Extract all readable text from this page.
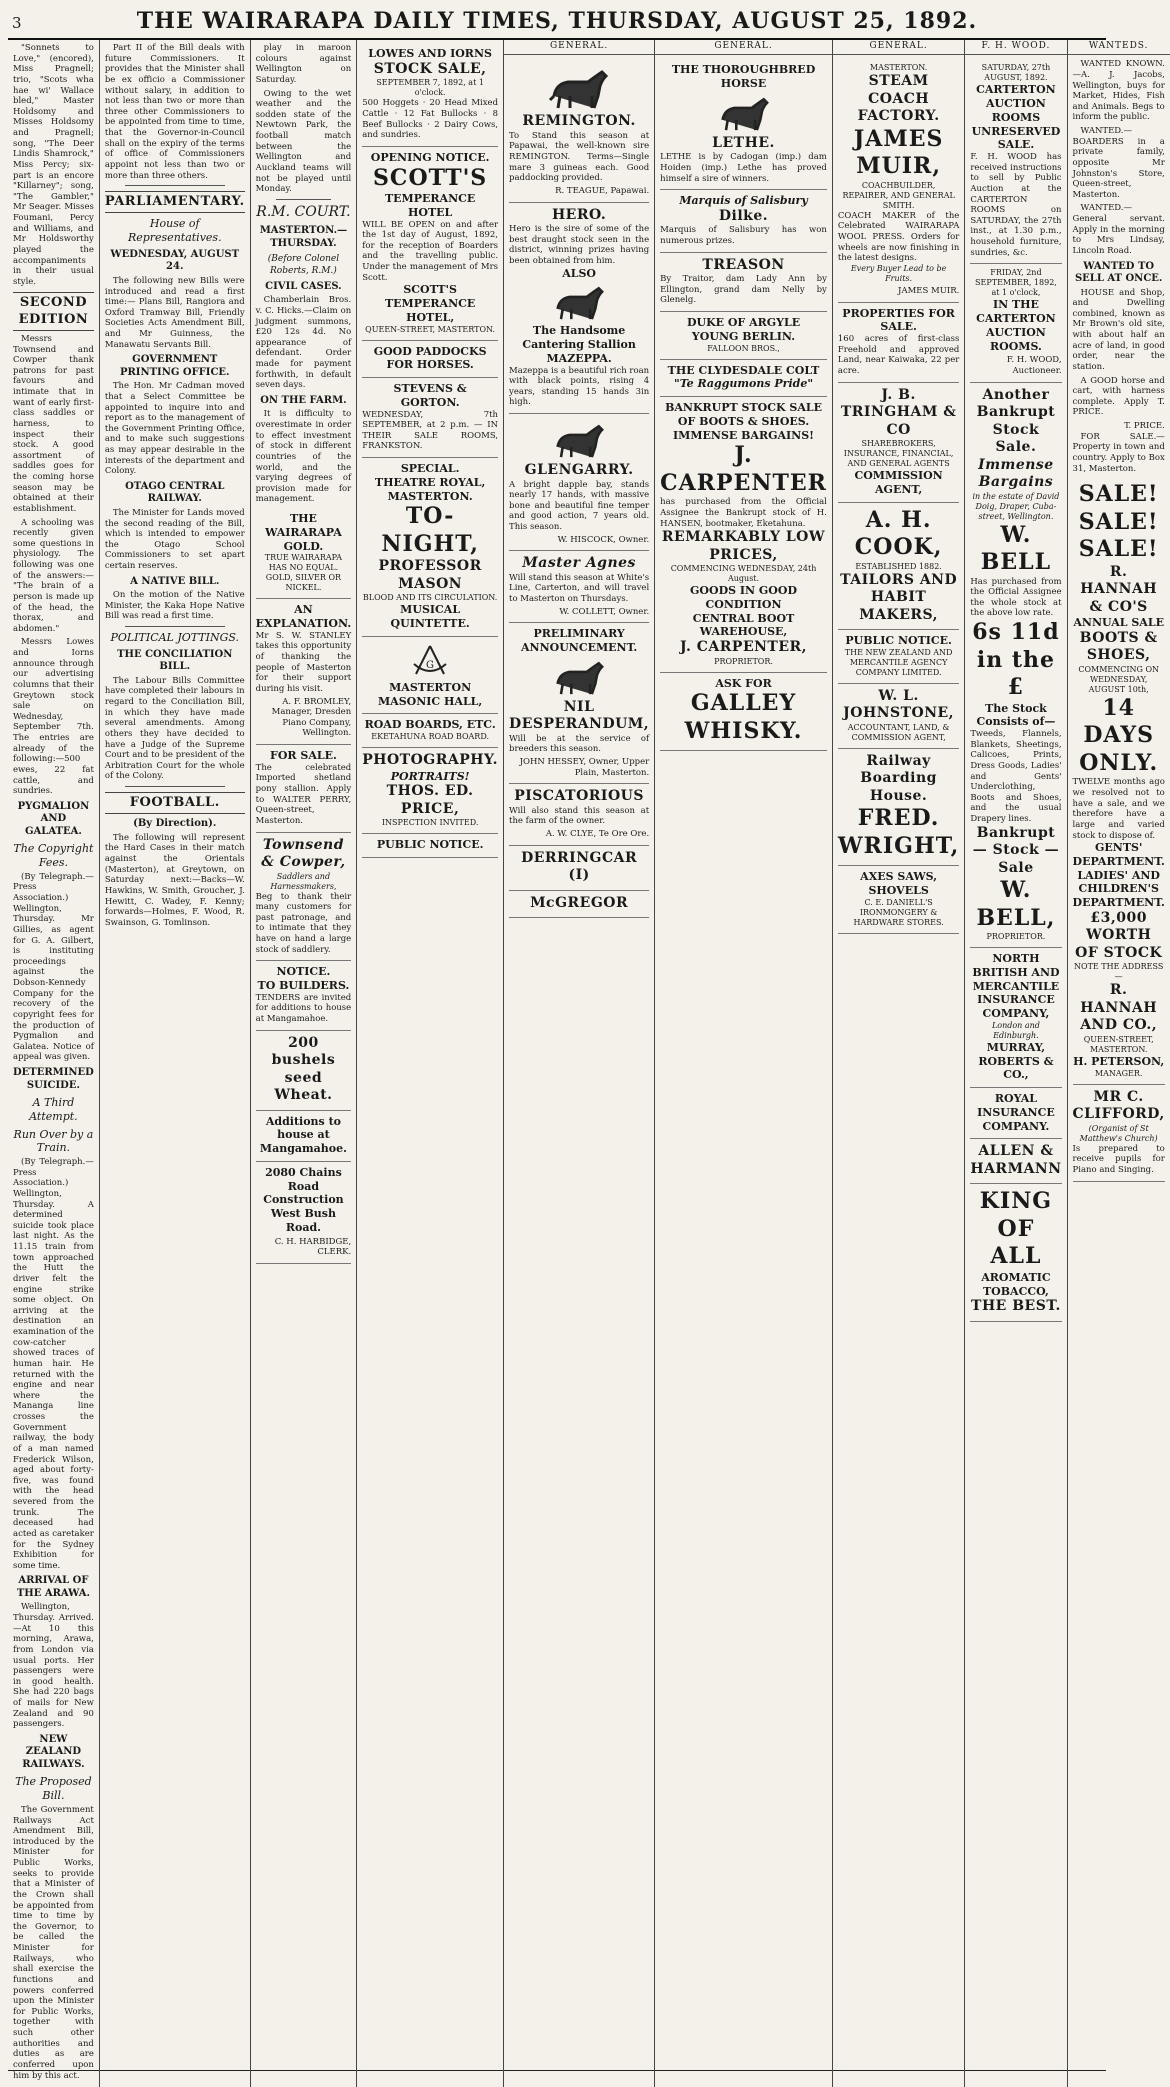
3	THE WAIRARAPA DAILY TIMES, THURSDAY, AUGUST 25, 1892.

"Sonnets to Love," (encored), Miss Pragnell; trio, "Scots wha hae wi' Wallace bled," Master Holdsomy and Misses Holdsomy and Pragnell; song, "The Deer Lindis Shamrock," Miss Percy; six-part is an encore "Killarney"; song, "The Gambler," Mr Seager. Misses Foumani, Percy and Williams, and Mr Holdsworthy played the accompaniments in their usual style.

SECOND EDITION

Messrs Townsend and Cowper thank patrons for past favours and intimate that in want of early first-class saddles or harness, to inspect their stock. A good assortment of saddles goes for the coming horse season may be obtained at their establishment.

A schooling was recently given some questions in physiology. The following was one of the answers:— "The brain of a person is made up of the head, the thorax, and abdomen."

Messrs Lowes and Iorns announce through our advertising columns that their Greytown stock sale on Wednesday, September 7th. The entries are already of the following:—500 ewes, 22 fat cattle, and sundries.

PYGMALION AND GALATEA.
The Copyright Fees.

(By Telegraph.—Press Association.) Wellington, Thursday. Mr Gillies, as agent for G. A. Gilbert, is instituting proceedings against the Dobson-Kennedy Company for the recovery of the copyright fees for the production of Pygmalion and Galatea. Notice of appeal was given.

DETERMINED SUICIDE.
A Third Attempt.
Run Over by a Train.

(By Telegraph.—Press Association.) Wellington, Thursday. A determined suicide took place last night. As the 11.15 train from town approached the Hutt the driver felt the engine strike some object. On arriving at the destination an examination of the cow-catcher showed traces of human hair. He returned with the engine and near where the Mananga line crosses the Government railway, the body of a man named Frederick Wilson, aged about forty-five, was found with the head severed from the trunk. The deceased had acted as caretaker for the Sydney Exhibition for some time.

ARRIVAL OF THE ARAWA.

Wellington, Thursday. Arrived.—At 10 this morning, Arawa, from London via usual ports. Her passengers were in good health. She had 220 bags of mails for New Zealand and 90 passengers.

NEW ZEALAND RAILWAYS.
The Proposed Bill.

The Government Railways Act Amendment Bill, introduced by the Minister for Public Works, seeks to provide that a Minister of the Crown shall be appointed from time to time by the Governor, to be called the Minister for Railways, who shall exercise the functions and powers conferred upon the Minister for Public Works, together with such other authorities and duties as are conferred upon him by this act.

Part II of the Bill deals with future Commissioners. It provides that the Minister shall be ex officio a Commissioner without salary, in addition to not less than two or more than three other Commissioners to be appointed from time to time, that the Governor-in-Council shall on the expiry of the terms of office of Commissioners appoint not less than two or more than three others.

PARLIAMENTARY.
House of Representatives.
WEDNESDAY, AUGUST 24.

The following new Bills were introduced and read a first time:— Plans Bill, Rangiora and Oxford Tramway Bill, Friendly Societies Acts Amendment Bill, and Mr Guinness, the Manawatu Servants Bill.

GOVERNMENT PRINTING OFFICE.

The Hon. Mr Cadman moved that a Select Committee be appointed to inquire into and report as to the management of the Government Printing Office, and to make such suggestions as may appear desirable in the interests of the department and Colony.

OTAGO CENTRAL RAILWAY.

The Minister for Lands moved the second reading of the Bill, which is intended to empower the Otago School Commissioners to set apart certain reserves.

A NATIVE BILL.

On the motion of the Native Minister, the Kaka Hope Native Bill was read a first time.

POLITICAL JOTTINGS.
THE CONCILIATION BILL.

The Labour Bills Committee have completed their labours in regard to the Conciliation Bill, in which they have made several amendments. Among others they have decided to have a Judge of the Supreme Court and to be president of the Arbitration Court for the whole of the Colony.

FOOTBALL.
(By Direction).

The following will represent the Hard Cases in their match against the Orientals (Masterton), at Greytown, on Saturday next:—Backs—W. Hawkins, W. Smith, Groucher, J. Hewitt, C. Wadey, F. Kenny; forwards—Holmes, F. Wood, R. Swainson, G. Tomlinson.

play in maroon colours against Wellington on Saturday.

Owing to the wet weather and the sodden state of the Newtown Park, the football match between the Wellington and Auckland teams will not be played until Monday.

R.M. COURT.
MASTERTON.—THURSDAY.
(Before Colonel Roberts, R.M.)
CIVIL CASES.

Chamberlain Bros. v. C. Hicks.—Claim on judgment summons, £20 12s 4d. No appearance of defendant. Order made for payment forthwith, in default seven days.

ON THE FARM.

It is difficulty to overestimate in order to effect investment of stock in different countries of the world, and the varying degrees of provision made for management.

THE WAIRARAPA GOLD.
TRUE WAIRARAPA HAS NO EQUAL. GOLD, SILVER OR NICKEL.
AN EXPLANATION.
Mr S. W. STANLEY takes this opportunity of thanking the people of Masterton for their support during his visit.
A. F. BROMLEY, Manager, Dresden Piano Company, Wellington.
FOR SALE.
The celebrated Imported shetland pony stallion. Apply to WALTER PERRY, Queen-street, Masterton.
Townsend & Cowper,
Saddlers and Harnessmakers,
Beg to thank their many customers for past patronage, and to intimate that they have on hand a large stock of saddlery.
NOTICE.
TO BUILDERS.
TENDERS are invited for additions to house at Mangamahoe.
200 bushels seed Wheat.
Additions to house at Mangamahoe.
2080 Chains Road Construction West Bush Road.
C. H. HARBIDGE, CLERK.
LOWES AND IORNS
STOCK SALE,
SEPTEMBER 7, 1892, at 1 o'clock.
500 Hoggets · 20 Head Mixed Cattle · 12 Fat Bullocks · 8 Beef Bullocks · 2 Dairy Cows, and sundries.
OPENING NOTICE.
SCOTT'S
TEMPERANCE HOTEL
WILL BE OPEN on and after the 1st day of August, 1892, for the reception of Boarders and the travelling public. Under the management of Mrs Scott.
SCOTT'S TEMPERANCE HOTEL,
QUEEN-STREET, MASTERTON.
GOOD PADDOCKS FOR HORSES.
STEVENS & GORTON.
WEDNESDAY, 7th SEPTEMBER, at 2 p.m. — IN THEIR SALE ROOMS, FRANKSTON.
SPECIAL.
THEATRE ROYAL, MASTERTON.
TO-NIGHT,
PROFESSOR MASON
BLOOD AND ITS CIRCULATION.
MUSICAL QUINTETTE.
G
MASTERTON MASONIC HALL,
ROAD BOARDS, ETC.
EKETAHUNA ROAD BOARD.
PHOTOGRAPHY.
PORTRAITS!
THOS. ED. PRICE,
INSPECTION INVITED.
PUBLIC NOTICE.
GENERAL.
REMINGTON.
To Stand this season at Papawai, the well-known sire REMINGTON. Terms—Single mare 3 guineas each. Good paddocking provided.
R. TEAGUE, Papawai.
HERO.
Hero is the sire of some of the best draught stock seen in the district, winning prizes having been obtained from him.
ALSO
The Handsome Cantering Stallion MAZEPPA.
Mazeppa is a beautiful rich roan with black points, rising 4 years, standing 15 hands 3in high.
GLENGARRY.
A bright dapple bay, stands nearly 17 hands, with massive bone and beautiful fine temper and good action, 7 years old. This season.
W. HISCOCK, Owner.
Master Agnes
Will stand this season at White's Line, Carterton, and will travel to Masterton on Thursdays.
W. COLLETT, Owner.
PRELIMINARY ANNOUNCEMENT.
NIL DESPERANDUM,
Will be at the service of breeders this season.
JOHN HESSEY, Owner, Upper Plain, Masterton.
PISCATORIOUS
Will also stand this season at the farm of the owner.
A. W. CLYE, Te Ore Ore.
DERRINGCAR (I)
McGREGOR
GENERAL.
THE THOROUGHBRED HORSE
LETHE.
LETHE is by Cadogan (imp.) dam Hoiden (imp.) Lethe has proved himself a sire of winners.
Marquis of Salisbury
Dilke.
Marquis of Salisbury has won numerous prizes.
TREASON
By Traitor, dam Lady Ann by Ellington, grand dam Nelly by Glenelg.
DUKE OF ARGYLE
YOUNG BERLIN.
FALLOON BROS.,
THE CLYDESDALE COLT
"Te Raggumons Pride"
BANKRUPT STOCK SALE
OF BOOTS & SHOES.
IMMENSE BARGAINS!
J. CARPENTER
has purchased from the Official Assignee the Bankrupt stock of H. HANSEN, bootmaker, Eketahuna.
REMARKABLY LOW PRICES,
COMMENCING WEDNESDAY, 24th August.
GOODS IN GOOD CONDITION
CENTRAL BOOT WAREHOUSE,
J. CARPENTER,
PROPRIETOR.
ASK FOR
GALLEY WHISKY.
GENERAL.
MASTERTON.
STEAM COACH FACTORY.
JAMES MUIR,
COACHBUILDER, REPAIRER, AND GENERAL SMITH.
COACH MAKER of the Celebrated WAIRARAPA WOOL PRESS. Orders for wheels are now finishing in the latest designs.
Every Buyer Lead to be Fruits.
JAMES MUIR.
PROPERTIES FOR SALE.
160 acres of first-class Freehold and approved Land, near Kaiwaka, 22 per acre.
J. B. TRINGHAM & CO
SHAREBROKERS, INSURANCE, FINANCIAL, AND GENERAL AGENTS
COMMISSION AGENT,
A. H. COOK,
ESTABLISHED 1882.
TAILORS AND HABIT MAKERS,
PUBLIC NOTICE.
THE NEW ZEALAND AND MERCANTILE AGENCY COMPANY LIMITED.
W. L. JOHNSTONE,
ACCOUNTANT, LAND, & COMMISSION AGENT,
Railway Boarding House.
FRED. WRIGHT,
AXES SAWS, SHOVELS
C. E. DANIELL'S IRONMONGERY & HARDWARE STORES.
F. H. WOOD.
SATURDAY, 27th AUGUST, 1892.
CARTERTON AUCTION ROOMS
UNRESERVED SALE.
F. H. WOOD has received instructions to sell by Public Auction at the CARTERTON ROOMS on SATURDAY, the 27th inst., at 1.30 p.m., household furniture, sundries, &c.
FRIDAY, 2nd SEPTEMBER, 1892, at 1 o'clock,
IN THE CARTERTON AUCTION ROOMS.
F. H. WOOD, Auctioneer.
Another Bankrupt Stock Sale.
Immense Bargains
in the estate of David Doig, Draper, Cuba-street, Wellington.
W. BELL
Has purchased from the Official Assignee the whole stock at the above low rate.
6s 11d in the £
The Stock Consists of—
Tweeds, Flannels, Blankets, Sheetings, Calicoes, Prints, Dress Goods, Ladies' and Gents' Underclothing, Boots and Shoes, and the usual Drapery lines.
Bankrupt — Stock — Sale
W. BELL,
PROPRIETOR.
NORTH BRITISH AND MERCANTILE INSURANCE COMPANY,
London and Edinburgh.
MURRAY, ROBERTS & CO.,
ROYAL INSURANCE COMPANY.
ALLEN & HARMANN
KING OF ALL
AROMATIC TOBACCO,
THE BEST.
WANTEDS.

WANTED KNOWN.—A. J. Jacobs, Wellington, buys for Market, Hides, Fish and Animals. Begs to inform the public.

WANTED.—BOARDERS in a private family, opposite Mr Johnston's Store, Queen-street, Masterton.

WANTED.—General servant. Apply in the morning to Mrs Lindsay, Lincoln Road.

WANTED TO SELL AT ONCE.

HOUSE and Shop, and Dwelling combined, known as Mr Brown's old site, with about half an acre of land, in good order, near the station.

A GOOD horse and cart, with harness complete. Apply T. PRICE.

T. PRICE.

FOR SALE.—Property in town and country. Apply to Box 31, Masterton.

SALE! SALE! SALE!
R. HANNAH & CO'S
ANNUAL SALE
BOOTS & SHOES,
COMMENCING ON WEDNESDAY, AUGUST 10th,
14 DAYS ONLY.
TWELVE months ago we resolved not to have a sale, and we therefore have a large and varied stock to dispose of.
GENTS' DEPARTMENT.
LADIES' AND CHILDREN'S DEPARTMENT.
£3,000 WORTH OF STOCK
NOTE THE ADDRESS—
R. HANNAH AND CO.,
QUEEN-STREET, MASTERTON.
H. PETERSON,
MANAGER.
MR C. CLIFFORD,
(Organist of St Matthew's Church)
Is prepared to receive pupils for Piano and Singing.
